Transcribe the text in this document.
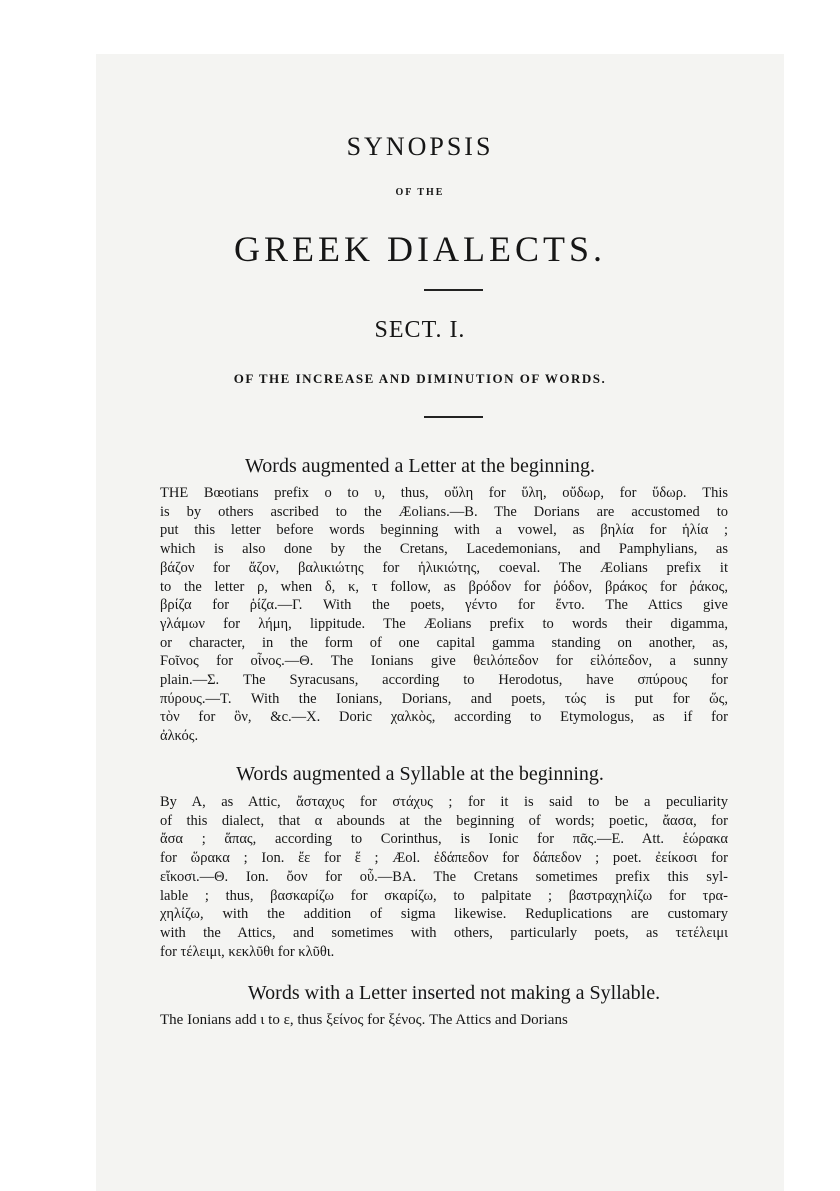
SYNOPSIS
OF THE
GREEK DIALECTS.
SECT. I.
OF THE INCREASE AND DIMINUTION OF WORDS.
Words augmented a Letter at the beginning.
THE Bœotians prefix ο to υ, thus, οὔλη for ὕλη, οὔδωρ, for ὕδωρ. This
is by others ascribed to the Æolians.—B. The Dorians are accustomed to
put this letter before words beginning with a vowel, as βηλία for ἡλία ;
which is also done by the Cretans, Lacedemonians, and Pamphylians, as
βάζον for ἄζον, βαλικιώτης for ἡλικιώτης, coeval. The Æolians prefix it
to the letter ρ, when δ, κ, τ follow, as βρόδον for ῥόδον, βράκος for ῥάκος,
βρίζα for ῥίζα.—Γ. With the poets, γέντο for ἕντο. The Attics give
γλάμων for λήμη, lippitude. The Æolians prefix to words their digamma,
or character, in the form of one capital gamma standing on another, as,
Ϝοῖνος for οἶνος.—Θ. The Ionians give θειλόπεδον for εἰλόπεδον, a sunny
plain.—Σ. The Syracusans, according to Herodotus, have σπύρους for
πύρους.—Τ. With the Ionians, Dorians, and poets, τώς is put for ὥς,
τὸν for ὃν, &c.—X. Doric χαλκὸς, according to Etymologus, as if for
ἀλκός.
Words augmented a Syllable at the beginning.
By A, as Attic, ἄσταχυς for στάχυς ; for it is said to be a peculiarity
of this dialect, that α abounds at the beginning of words; poetic, ἄασα, for
ἄσα ; ἅπας, according to Corinthus, is Ionic for πᾶς.—E. Att. ἑώρακα
for ὥρακα ; Ion. ἔε for ἕ ; Æol. ἐδάπεδον for δάπεδον ; poet. ἐείκοσι for
εἴκοσι.—Θ. Ion. ὄον for οὗ.—BA. The Cretans sometimes prefix this syl-
lable ; thus, βασκαρίζω for σκαρίζω, to palpitate ; βαστραχηλίζω for τρα-
χηλίζω, with the addition of sigma likewise. Reduplications are customary
with the Attics, and sometimes with others, particularly poets, as τετέλειμι
for τέλειμι, κεκλῦθι for κλῦθι.
Words with a Letter inserted not making a Syllable.
The Ionians add ι to ε, thus ξείνος for ξένος. The Attics and Dorians
